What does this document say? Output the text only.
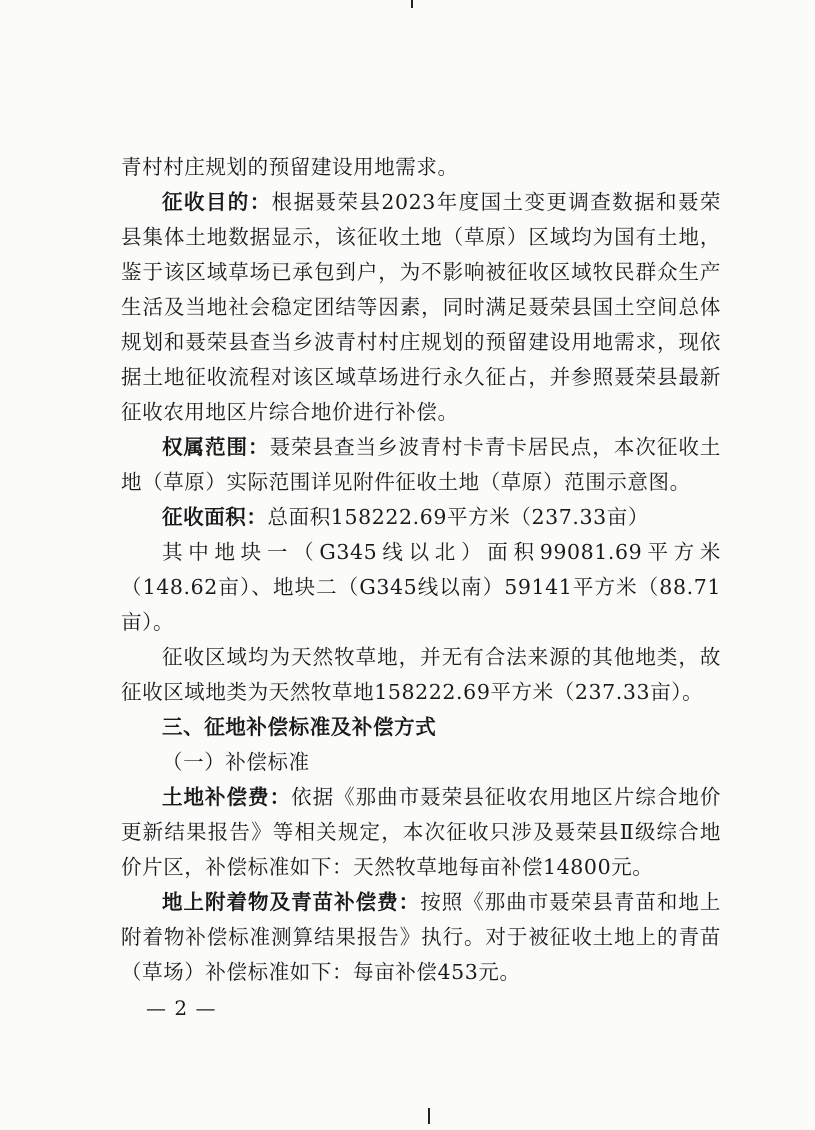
青村村庄规划的预留建设用地需求。

征收目的：根据聂荣县2023年度国土变更调查数据和聂荣县集体土地数据显示，该征收土地（草原）区域均为国有土地，鉴于该区域草场已承包到户，为不影响被征收区域牧民群众生产生活及当地社会稳定团结等因素，同时满足聂荣县国土空间总体规划和聂荣县查当乡波青村村庄规划的预留建设用地需求，现依据土地征收流程对该区域草场进行永久征占，并参照聂荣县最新征收农用地区片综合地价进行补偿。

权属范围：聂荣县查当乡波青村卡青卡居民点，本次征收土地（草原）实际范围详见附件征收土地（草原）范围示意图。

征收面积：总面积158222.69平方米（237.33亩）

其中地块一（G345线以北）面积99081.69平方米（148.62亩）、地块二（G345线以南）59141平方米（88.71亩）。

征收区域均为天然牧草地，并无有合法来源的其他地类，故征收区域地类为天然牧草地158222.69平方米（237.33亩）。

三、征地补偿标准及补偿方式

（一）补偿标准

土地补偿费：依据《那曲市聂荣县征收农用地区片综合地价更新结果报告》等相关规定，本次征收只涉及聂荣县Ⅱ级综合地价片区，补偿标准如下：天然牧草地每亩补偿14800元。

地上附着物及青苗补偿费：按照《那曲市聂荣县青苗和地上附着物补偿标准测算结果报告》执行。对于被征收土地上的青苗（草场）补偿标准如下：每亩补偿453元。

— 2 —
